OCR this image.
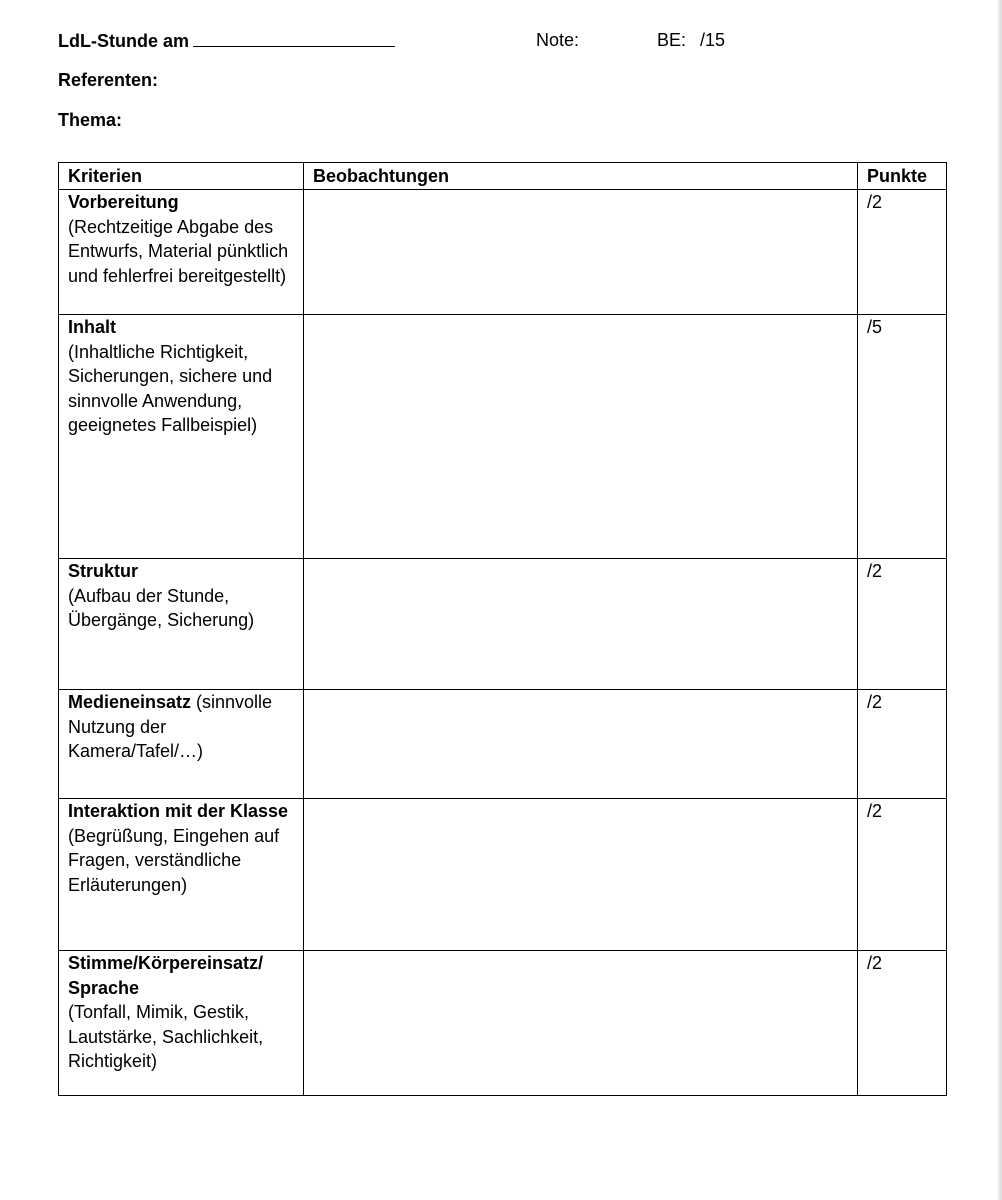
LdL-Stunde am	Note:	BE: /15
Referenten:
Thema:
Kriterien	Beobachtungen	Punkte
Vorbereitung
(Rechtzeitige Abgabe des Entwurfs, Material pünktlich und fehlerfrei bereitgestellt)		/2
Inhalt
(Inhaltliche Richtigkeit, Sicherungen, sichere und sinnvolle Anwendung, geeignetes Fallbeispiel)		/5
Struktur
(Aufbau der Stunde, Übergänge, Sicherung)		/2
Medieneinsatz (sinnvolle Nutzung der Kamera/Tafel/…)		/2
Interaktion mit der Klasse
(Begrüßung, Eingehen auf Fragen, verständliche Erläuterungen)		/2
Stimme/Körpereinsatz/ Sprache
(Tonfall, Mimik, Gestik, Lautstärke, Sachlichkeit, Richtigkeit)		/2
